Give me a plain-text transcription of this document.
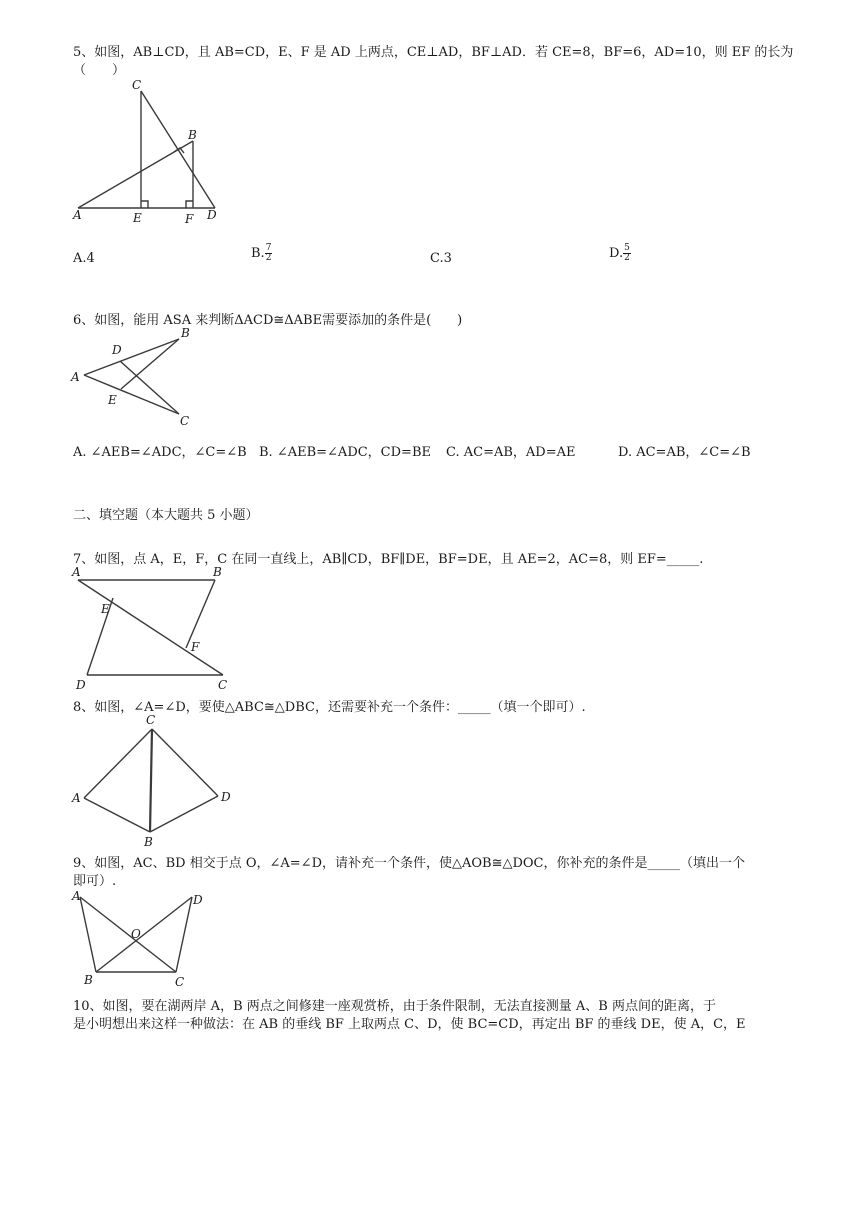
5、如图，AB⊥CD，且 AB=CD，E、F 是 AD 上两点，CE⊥AD，BF⊥AD．若 CE=8，BF=6，AD=10，则 EF 的长为
（　　）
C
B
A	E	F D
A.4	B. $\frac{7}{2}$	C.3	D. $\frac{5}{2}$
6、如图，能用 ASA 来判断ΔACD≅ΔABE需要添加的条件是(　　)
B
D
A
E
C
A. ∠AEB=∠ADC，∠C=∠B B. ∠AEB=∠ADC，CD=BE C. AC=AB，AD=AE	D. AC=AB，∠C=∠B
二、填空题（本大题共 5 小题）
7、如图，点 A，E，F，C 在同一直线上，AB∥CD，BF∥DE，BF=DE，且 AE=2，AC=8，则 EF=_____.
A	B
E
F
D	C
8、如图，∠A=∠D，要使△ABC≅△DBC，还需要补充一个条件：_____（填一个即可）.
C
A	D
B
9、如图，AC、BD 相交于点 O，∠A=∠D，请补充一个条件，使△AOB≅△DOC，你补充的条件是_____（填出一个
即可）.
A	D
O
B	C
10、如图，要在湖两岸 A，B 两点之间修建一座观赏桥，由于条件限制，无法直接测量 A、B 两点间的距离，于
是小明想出来这样一种做法：在 AB 的垂线 BF 上取两点 C、D，使 BC=CD，再定出 BF 的垂线 DE，使 A，C，E
